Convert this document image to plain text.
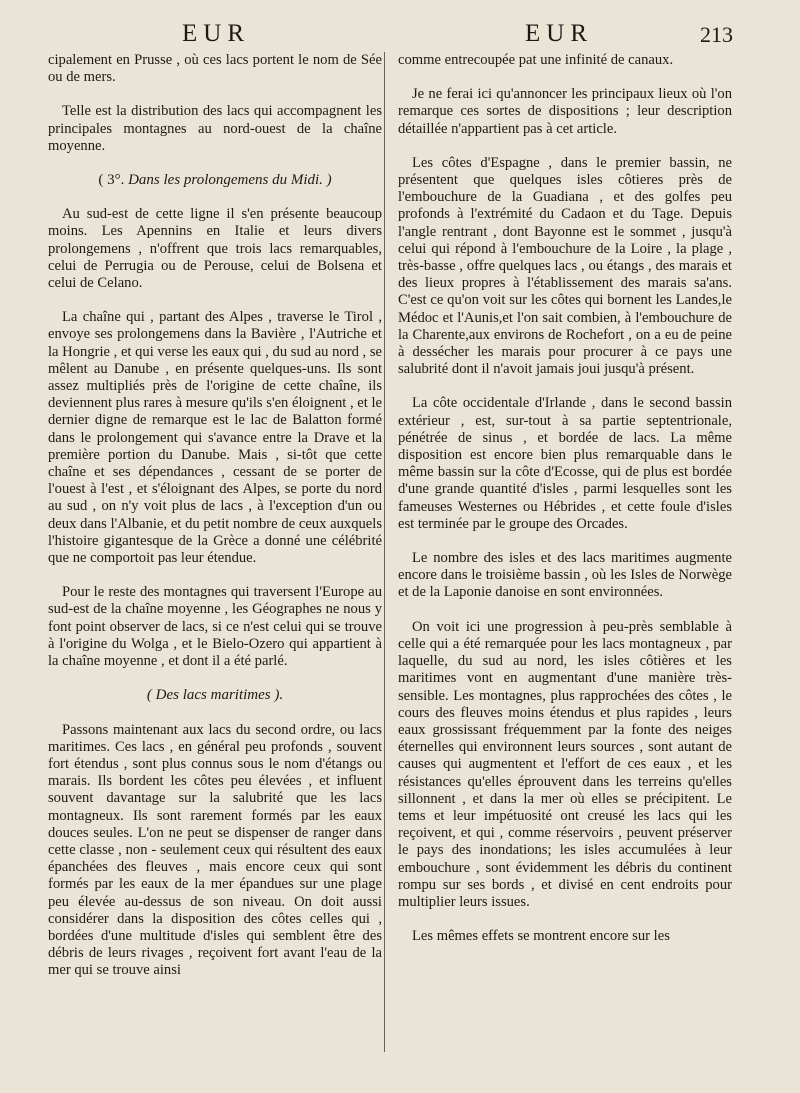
EUR	EUR	213

cipalement en Prusse , où ces lacs portent le nom de Sée ou de mers.

Telle est la distribution des lacs qui accompagnent les principales montagnes au nord-ouest de la chaîne moyenne.

( 3°. Dans les prolongemens du Midi. )

Au sud-est de cette ligne il s'en présente beaucoup moins. Les Apennins en Italie et leurs divers prolongemens , n'offrent que trois lacs remarquables, celui de Perrugia ou de Perouse, celui de Bolsena et celui de Celano.

La chaîne qui , partant des Alpes , traverse le Tirol , envoye ses prolongemens dans la Bavière , l'Autriche et la Hongrie , et qui verse les eaux qui , du sud au nord , se mêlent au Danube , en présente quelques-uns. Ils sont assez multipliés près de l'origine de cette chaîne, ils deviennent plus rares à mesure qu'ils s'en éloignent , et le dernier digne de remarque est le lac de Balatton formé dans le prolongement qui s'avance entre la Drave et la première portion du Danube. Mais , si-tôt que cette chaîne et ses dépendances , cessant de se porter de l'ouest à l'est , et s'éloignant des Alpes, se porte du nord au sud , on n'y voit plus de lacs , à l'exception d'un ou deux dans l'Albanie, et du petit nombre de ceux auxquels l'histoire gigantesque de la Grèce a donné une célébrité que ne comportoit pas leur étendue.

Pour le reste des montagnes qui traversent l'Europe au sud-est de la chaîne moyenne , les Géographes ne nous y font point observer de lacs, si ce n'est celui qui se trouve à l'origine du Wolga , et le Bielo-Ozero qui appartient à la chaîne moyenne , et dont il a été parlé.

( Des lacs maritimes ).

Passons maintenant aux lacs du second ordre, ou lacs maritimes. Ces lacs , en général peu profonds , souvent fort étendus , sont plus connus sous le nom d'étangs ou marais. Ils bordent les côtes peu élevées , et influent souvent davantage sur la salubrité que les lacs montagneux. Ils sont rarement formés par les eaux douces seules. L'on ne peut se dispenser de ranger dans cette classe , non - seulement ceux qui résultent des eaux épanchées des fleuves , mais encore ceux qui sont formés par les eaux de la mer épandues sur une plage peu élevée au-dessus de son niveau. On doit aussi considérer dans la disposition des côtes celles qui , bordées d'une multitude d'isles qui semblent être des débris de leurs rivages , reçoivent fort avant l'eau de la mer qui se trouve ainsi

comme entrecoupée pat une infinité de canaux.

Je ne ferai ici qu'annoncer les principaux lieux où l'on remarque ces sortes de dispositions ; leur description détaillée n'appartient pas à cet article.

Les côtes d'Espagne , dans le premier bassin, ne présentent que quelques isles côtieres près de l'embouchure de la Guadiana , et des golfes peu profonds à l'extrémité du Cadaon et du Tage. Depuis l'angle rentrant , dont Bayonne est le sommet , jusqu'à celui qui répond à l'embouchure de la Loire , la plage , très-basse , offre quelques lacs , ou étangs , des marais et des lieux propres à l'établissement des marais sa'ans. C'est ce qu'on voit sur les côtes qui bornent les Landes,le Médoc et l'Aunis,et l'on sait combien, à l'embouchure de la Charente,aux environs de Rochefort , on a eu de peine à dessécher les marais pour procurer à ce pays une salubrité dont il n'avoit jamais joui jusqu'à présent.

La côte occidentale d'Irlande , dans le second bassin extérieur , est, sur-tout à sa partie septentrionale, pénétrée de sinus , et bordée de lacs. La même disposition est encore bien plus remarquable dans le même bassin sur la côte d'Ecosse, qui de plus est bordée d'une grande quantité d'isles , parmi lesquelles sont les fameuses Westernes ou Hébrides , et cette foule d'isles est terminée par le groupe des Orcades.

Le nombre des isles et des lacs maritimes augmente encore dans le troisième bassin , où les Isles de Norwège et de la Laponie danoise en sont environnées.

On voit ici une progression à peu-près semblable à celle qui a été remarquée pour les lacs montagneux , par laquelle, du sud au nord, les isles côtières et les maritimes vont en augmentant d'une manière très-sensible. Les montagnes, plus rapprochées des côtes , le cours des fleuves moins étendus et plus rapides , leurs eaux grossissant fréquemment par la fonte des neiges éternelles qui environnent leurs sources , sont autant de causes qui augmentent et l'effort de ces eaux , et les résistances qu'elles éprouvent dans les terreins qu'elles sillonnent , et dans la mer où elles se précipitent. Le tems et leur impétuosité ont creusé les lacs qui les reçoivent, et qui , comme réservoirs , peuvent préserver le pays des inondations; les isles accumulées à leur embouchure , sont évidemment les débris du continent rompu sur ses bords , et divisé en cent endroits pour multiplier leurs issues.

Les mêmes effets se montrent encore sur les
